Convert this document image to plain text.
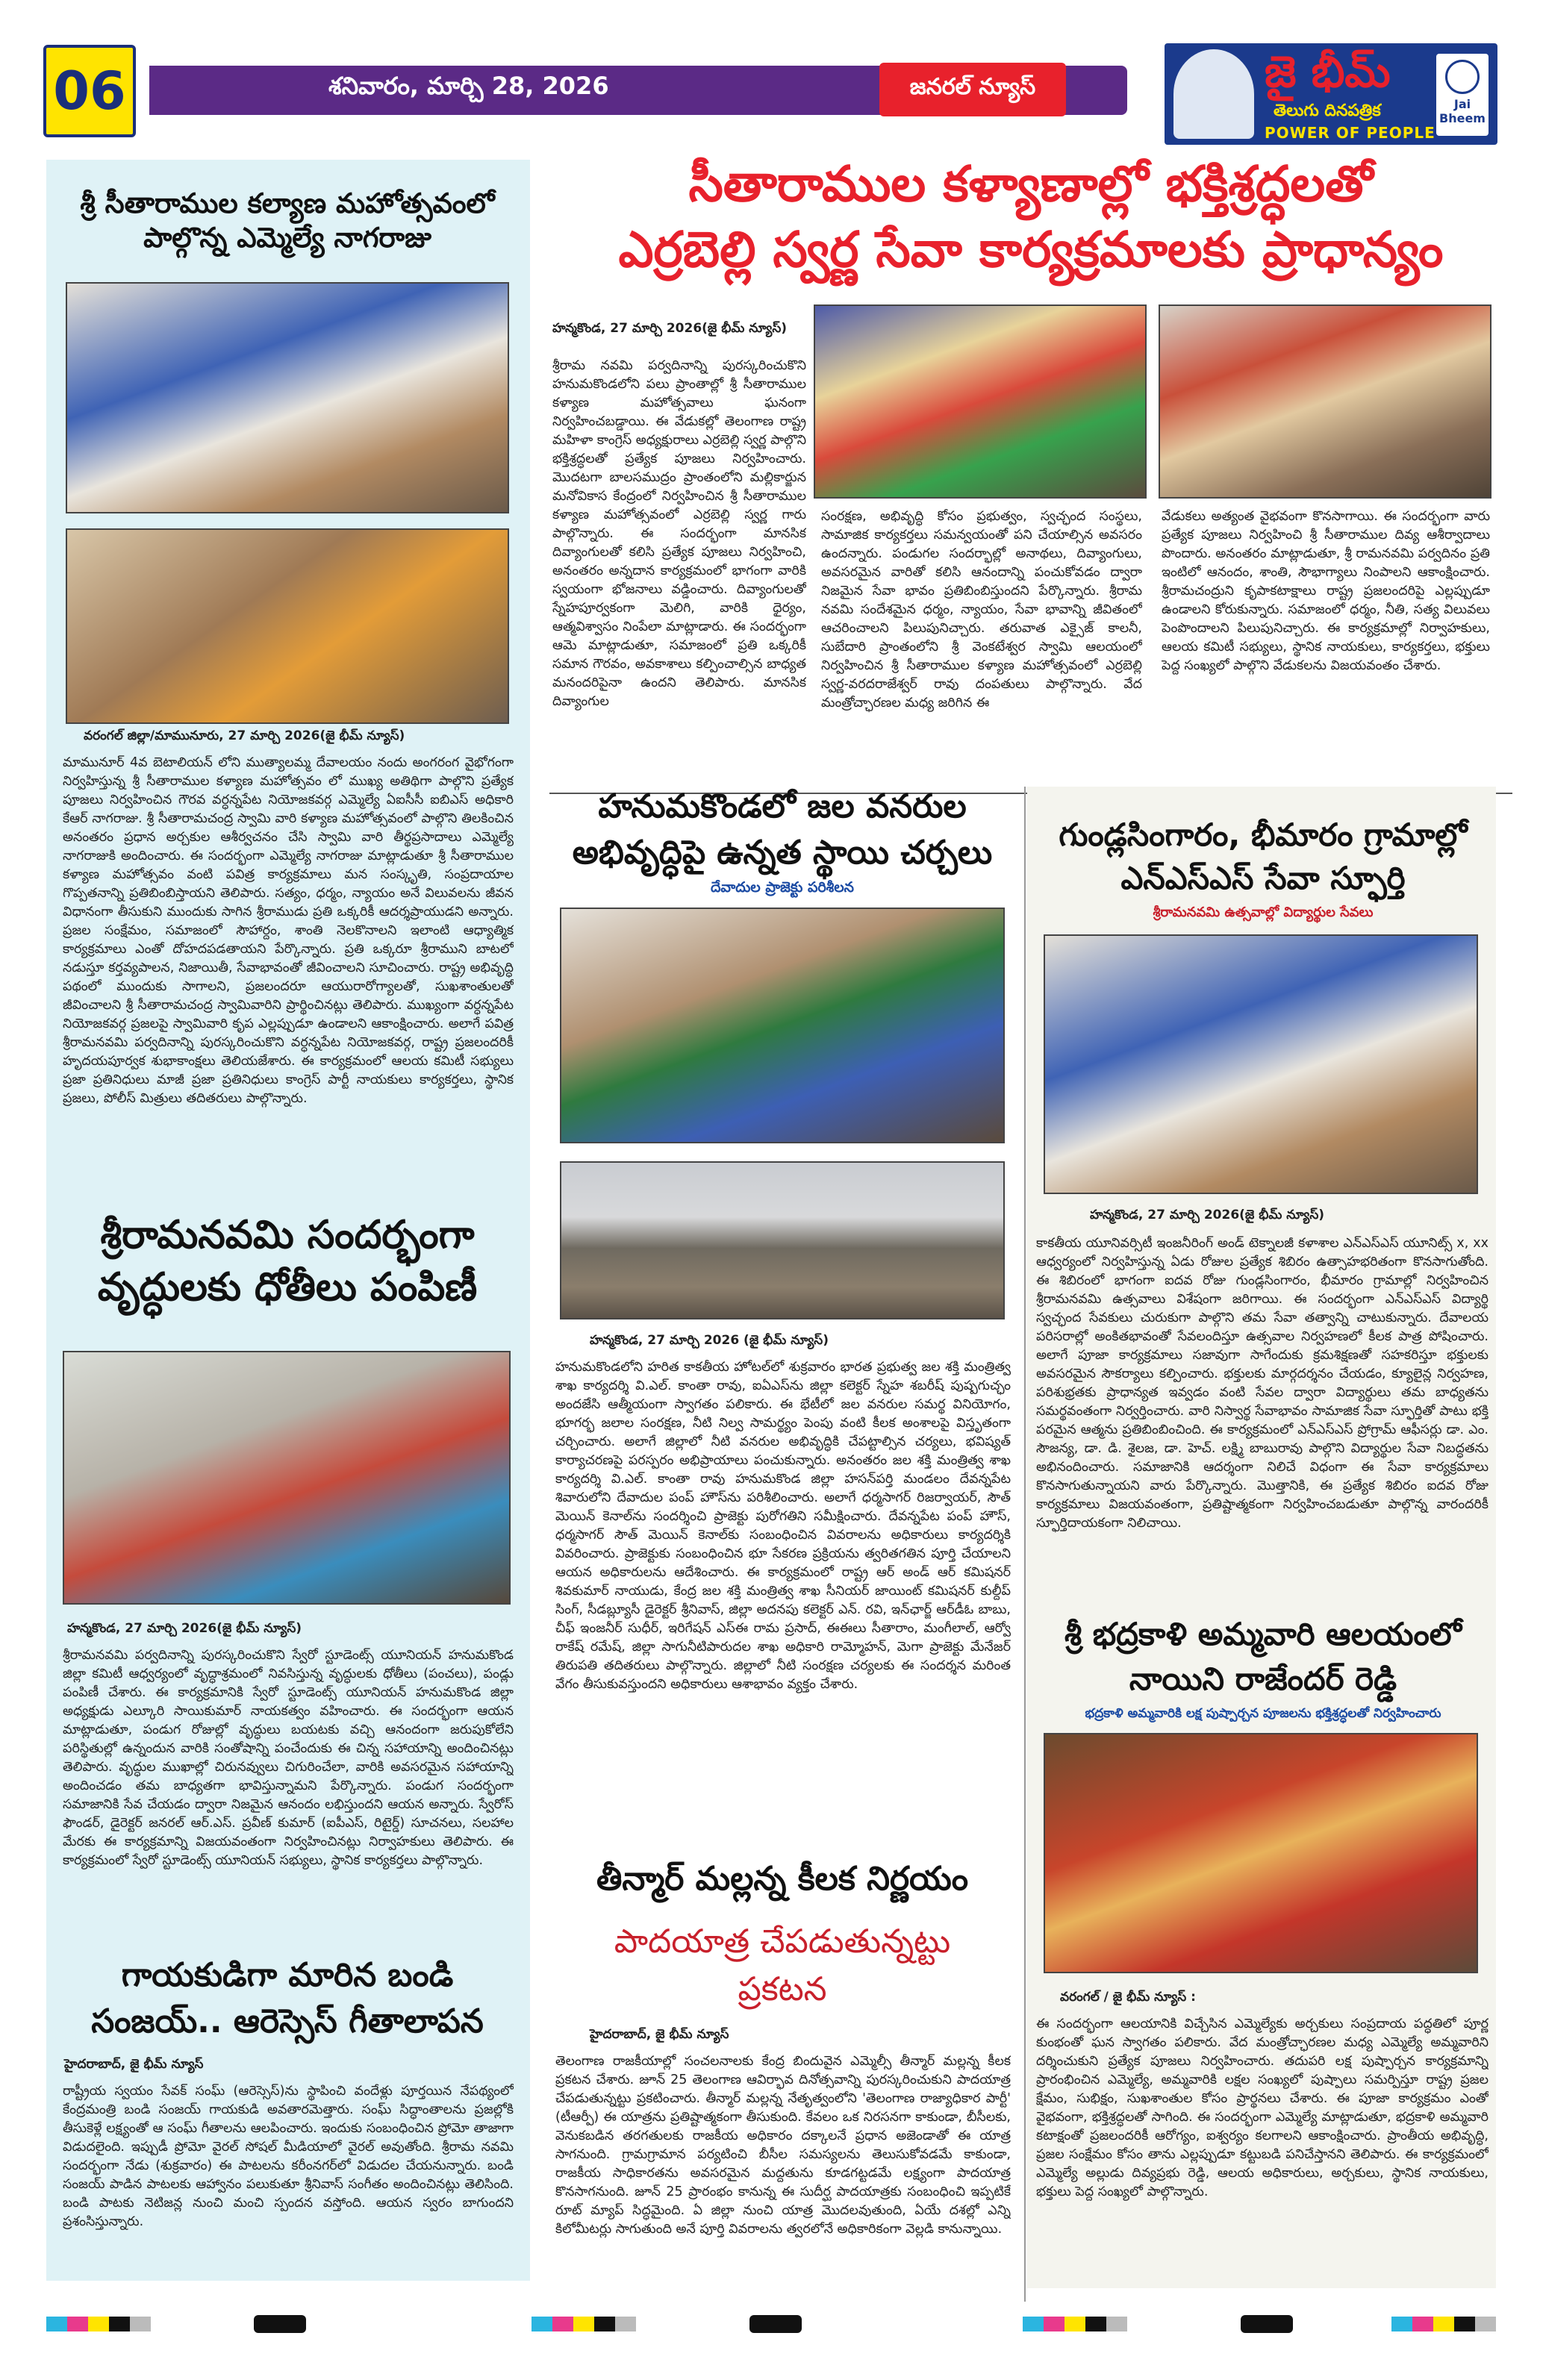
06	శనివారం, మార్చి 28, 2026	జనరల్ న్యూస్	జై భీమ్
తెలుగు దినపత్రిక
POWER OF PEOPLE
Jai Bheem
శ్రీ సీతారాముల కల్యాణ మహోత్సవంలో పాల్గొన్న ఎమ్మెల్యే నాగరాజు
వరంగల్ జిల్లా/మామునూరు, 27 మార్చి 2026(జై భీమ్ న్యూస్)
మామునూర్ 4వ బెటాలియన్ లోని ముత్యాలమ్మ దేవాలయం నందు అంగరంగ వైభోగంగా నిర్వహిస్తున్న శ్రీ సీతారాముల కళ్యాణ మహోత్సవం లో ముఖ్య అతిథిగా పాల్గొని ప్రత్యేక పూజలు నిర్వహించిన గౌరవ వర్ధన్నపేట నియోజకవర్గ ఎమ్మెల్యే ఏఐసీసీ ఐబిఎస్ అధికారి కేఆర్ నాగరాజు. శ్రీ సీతారామచంద్ర స్వామి వారి కళ్యాణ మహోత్సవంలో పాల్గొని తిలకించిన అనంతరం ప్రధాన అర్చకుల ఆశీర్వచనం చేసి స్వామి వారి తీర్థప్రసాదాలు ఎమ్మెల్యే నాగరాజుకి అందించారు. ఈ సందర్భంగా ఎమ్మెల్యే నాగరాజు మాట్లాడుతూ శ్రీ సీతారాముల కళ్యాణ మహోత్సవం వంటి పవిత్ర కార్యక్రమాలు మన సంస్కృతి, సంప్రదాయాల గొప్పతనాన్ని ప్రతిబింబిస్తాయని తెలిపారు. సత్యం, ధర్మం, న్యాయం అనే విలువలను జీవన విధానంగా తీసుకుని ముందుకు సాగిన శ్రీరాముడు ప్రతి ఒక్కరికీ ఆదర్శప్రాయుడని అన్నారు. ప్రజల సంక్షేమం, సమాజంలో సౌహార్దం, శాంతి నెలకొనాలని ఇలాంటి ఆధ్యాత్మిక కార్యక్రమాలు ఎంతో దోహదపడతాయని పేర్కొన్నారు. ప్రతి ఒక్కరూ శ్రీరాముని బాటలో నడుస్తూ కర్తవ్యపాలన, నిజాయితీ, సేవాభావంతో జీవించాలని సూచించారు. రాష్ట్ర అభివృద్ధి పథంలో ముందుకు సాగాలని, ప్రజలందరూ ఆయురారోగ్యాలతో, సుఖశాంతులతో జీవించాలని శ్రీ సీతారామచంద్ర స్వామివారిని ప్రార్థించినట్లు తెలిపారు. ముఖ్యంగా వర్ధన్నపేట నియోజకవర్గ ప్రజలపై స్వామివారి కృప ఎల్లప్పుడూ ఉండాలని ఆకాంక్షించారు. అలాగే పవిత్ర శ్రీరామనవమి పర్వదినాన్ని పురస్కరించుకొని వర్ధన్నపేట నియోజకవర్గ, రాష్ట్ర ప్రజలందరికీ హృదయపూర్వక శుభాకాంక్షలు తెలియజేశారు. ఈ కార్యక్రమంలో ఆలయ కమిటీ సభ్యులు ప్రజా ప్రతినిధులు మాజీ ప్రజా ప్రతినిధులు కాంగ్రెస్ పార్టీ నాయకులు కార్యకర్తలు, స్థానిక ప్రజలు, పోలీస్ మిత్రులు తదితరులు పాల్గొన్నారు.
శ్రీరామనవమి సందర్భంగా వృద్ధులకు ధోతీలు పంపిణీ
హన్మకొండ, 27 మార్చి 2026(జై భీమ్ న్యూస్)
శ్రీరామనవమి పర్వదినాన్ని పురస్కరించుకొని స్వేరో స్టూడెంట్స్ యూనియన్ హనుమకొండ జిల్లా కమిటీ ఆధ్వర్యంలో వృద్ధాశ్రమంలో నివసిస్తున్న వృద్ధులకు ధోతీలు (పంచలు), పండ్లు పంపిణీ చేశారు. ఈ కార్యక్రమానికి స్వేరో స్టూడెంట్స్ యూనియన్ హనుమకొండ జిల్లా అధ్యక్షుడు ఎల్కూరి సాయికుమార్ నాయకత్వం వహించారు. ఈ సందర్భంగా ఆయన మాట్లాడుతూ, పండుగ రోజుల్లో వృద్ధులు బయటకు వచ్చి ఆనందంగా జరుపుకోలేని పరిస్థితుల్లో ఉన్నందున వారికి సంతోషాన్ని పంచేందుకు ఈ చిన్న సహాయాన్ని అందించినట్లు తెలిపారు. వృద్ధుల ముఖాల్లో చిరునవ్వులు చిగురించేలా, వారికి అవసరమైన సహాయాన్ని అందించడం తమ బాధ్యతగా భావిస్తున్నామని పేర్కొన్నారు. పండుగ సందర్భంగా సమాజానికి సేవ చేయడం ద్వారా నిజమైన ఆనందం లభిస్తుందని ఆయన అన్నారు. స్వేరోస్ ఫౌండర్, డైరెక్టర్ జనరల్ ఆర్.ఎస్. ప్రవీణ్ కుమార్ (ఐపీఎస్, రిటైర్డ్) సూచనలు, సలహాల మేరకు ఈ కార్యక్రమాన్ని విజయవంతంగా నిర్వహించినట్లు నిర్వాహకులు తెలిపారు. ఈ కార్యక్రమంలో స్వేరో స్టూడెంట్స్ యూనియన్ సభ్యులు, స్థానిక కార్యకర్తలు పాల్గొన్నారు.
గాయకుడిగా మారిన బండి సంజయ్.. ఆరెస్సెస్ గీతాలాపన
హైదరాబాద్, జై భీమ్ న్యూస్
రాష్ట్రీయ స్వయం సేవక్ సంఘ్ (ఆరెస్సెస్)ను స్థాపించి వందేళ్లు పూర్తయిన నేపథ్యంలో కేంద్రమంత్రి బండి సంజయ్ గాయకుడి అవతారమెత్తారు. సంఘ్ సిద్ధాంతాలను ప్రజల్లోకి తీసుకెళ్లే లక్ష్యంతో ఆ సంఘ్ గీతాలను ఆలపించారు. ఇందుకు సంబంధించిన ప్రోమో తాజాగా విడుదలైంది. ఇప్పుడీ ప్రోమో వైరల్ సోషల్ మీడియాలో వైరల్ అవుతోంది. శ్రీరామ నవమి సందర్భంగా నేడు (శుక్రవారం) ఈ పాటలను కరీంనగర్‌లో విడుదల చేయనున్నారు. బండి సంజయ్ పాడిన పాటలకు ఆహ్వానం పలుకుతూ శ్రీనివాస్ సంగీతం అందించినట్లు తెలిసింది. బండి పాటకు నెటిజన్ల నుంచి మంచి స్పందన వస్తోంది. ఆయన స్వరం బాగుందని ప్రశంసిస్తున్నారు.
సీతారాముల కళ్యాణాల్లో భక్తిశ్రద్ధలతో
ఎర్రబెల్లి స్వర్ణ సేవా కార్యక్రమాలకు ప్రాధాన్యం
హన్మకొండ, 27 మార్చి 2026(జై భీమ్ న్యూస్)
శ్రీరామ నవమి పర్వదినాన్ని పురస్కరించుకొని హనుమకొండలోని పలు ప్రాంతాల్లో శ్రీ సీతారాముల కళ్యాణ మహోత్సవాలు ఘనంగా నిర్వహించబడ్డాయి. ఈ వేడుకల్లో తెలంగాణ రాష్ట్ర మహిళా కాంగ్రెస్ అధ్యక్షురాలు ఎర్రబెల్లి స్వర్ణ పాల్గొని భక్తిశ్రద్ధలతో ప్రత్యేక పూజలు నిర్వహించారు. మొదటగా బాలసముద్రం ప్రాంతంలోని మల్లికార్జున మనోవికాస కేంద్రంలో నిర్వహించిన శ్రీ సీతారాముల కళ్యాణ మహోత్సవంలో ఎర్రబెల్లి స్వర్ణ గారు పాల్గొన్నారు. ఈ సందర్భంగా మానసిక దివ్యాంగులతో కలిసి ప్రత్యేక పూజలు నిర్వహించి, అనంతరం అన్నదాన కార్యక్రమంలో భాగంగా వారికి స్వయంగా భోజనాలు వడ్డించారు. దివ్యాంగులతో స్నేహపూర్వకంగా మెలిగి, వారికి ధైర్యం, ఆత్మవిశ్వాసం నింపేలా మాట్లాడారు. ఈ సందర్భంగా ఆమె మాట్లాడుతూ, సమాజంలో ప్రతి ఒక్కరికీ సమాన గౌరవం, అవకాశాలు కల్పించాల్సిన బాధ్యత మనందరిపైనా ఉందని తెలిపారు. మానసిక దివ్యాంగుల
సంరక్షణ, అభివృద్ధి కోసం ప్రభుత్వం, స్వచ్ఛంద సంస్థలు, సామాజిక కార్యకర్తలు సమన్వయంతో పని చేయాల్సిన అవసరం ఉందన్నారు. పండుగల సందర్భాల్లో అనాథలు, దివ్యాంగులు, అవసరమైన వారితో కలిసి ఆనందాన్ని పంచుకోవడం ద్వారా నిజమైన సేవా భావం ప్రతిబింబిస్తుందని పేర్కొన్నారు. శ్రీరామ నవమి సందేశమైన ధర్మం, న్యాయం, సేవా భావాన్ని జీవితంలో ఆచరించాలని పిలుపునిచ్చారు. తరువాత ఎక్సైజ్ కాలనీ, సుబేదారి ప్రాంతంలోని శ్రీ వెంకటేశ్వర స్వామి ఆలయంలో నిర్వహించిన శ్రీ సీతారాముల కళ్యాణ మహోత్సవంలో ఎర్రబెల్లి స్వర్ణ-వరదరాజేశ్వర్ రావు దంపతులు పాల్గొన్నారు. వేద మంత్రోచ్ఛారణల మధ్య జరిగిన ఈ
వేడుకలు అత్యంత వైభవంగా కొనసాగాయి. ఈ సందర్భంగా వారు ప్రత్యేక పూజలు నిర్వహించి శ్రీ సీతారాముల దివ్య ఆశీర్వాదాలు పొందారు. అనంతరం మాట్లాడుతూ, శ్రీ రామనవమి పర్వదినం ప్రతి ఇంటిలో ఆనందం, శాంతి, సౌభాగ్యాలు నింపాలని ఆకాంక్షించారు. శ్రీరామచంద్రుని కృపాకటాక్షాలు రాష్ట్ర ప్రజలందరిపై ఎల్లప్పుడూ ఉండాలని కోరుకున్నారు. సమాజంలో ధర్మం, నీతి, సత్య విలువలు పెంపొందాలని పిలుపునిచ్చారు. ఈ కార్యక్రమాల్లో నిర్వాహకులు, ఆలయ కమిటీ సభ్యులు, స్థానిక నాయకులు, కార్యకర్తలు, భక్తులు పెద్ద సంఖ్యలో పాల్గొని వేడుకలను విజయవంతం చేశారు.
హనుమకొండలో జల వనరుల అభివృద్ధిపై ఉన్నత స్థాయి చర్చలు
దేవాదుల ప్రాజెక్టు పరిశీలన
హన్మకొండ, 27 మార్చి 2026 (జై భీమ్ న్యూస్)
హనుమకొండలోని హరిత కాకతీయ హోటల్‌లో శుక్రవారం భారత ప్రభుత్వ జల శక్తి మంత్రిత్వ శాఖ కార్యదర్శి వి.ఎల్. కాంతా రావు, ఐఏఎస్‌ను జిల్లా కలెక్టర్ స్నేహ శబరీష్ పుష్పగుచ్ఛం అందజేసి ఆత్మీయంగా స్వాగతం పలికారు. ఈ భేటీలో జల వనరుల సమర్థ వినియోగం, భూగర్భ జలాల సంరక్షణ, నీటి నిల్వ సామర్థ్యం పెంపు వంటి కీలక అంశాలపై విస్తృతంగా చర్చించారు. అలాగే జిల్లాలో నీటి వనరుల అభివృద్ధికి చేపట్టాల్సిన చర్యలు, భవిష్యత్ కార్యాచరణపై పరస్పరం అభిప్రాయాలు పంచుకున్నారు. అనంతరం జల శక్తి మంత్రిత్వ శాఖ కార్యదర్శి వి.ఎల్. కాంతా రావు హనుమకొండ జిల్లా హసన్‌పర్తి మండలం దేవన్నపేట శివారులోని దేవాదుల పంప్ హౌస్‌ను పరిశీలించారు. అలాగే ధర్మసాగర్ రిజర్వాయర్, సౌత్ మెయిన్ కెనాల్‌ను సందర్శించి ప్రాజెక్టు పురోగతిని సమీక్షించారు. దేవన్నపేట పంప్ హౌస్, ధర్మసాగర్ సౌత్ మెయిన్ కెనాల్‌కు సంబంధించిన వివరాలను అధికారులు కార్యదర్శికి వివరించారు. ప్రాజెక్టుకు సంబంధించిన భూ సేకరణ ప్రక్రియను త్వరితగతిన పూర్తి చేయాలని ఆయన అధికారులను ఆదేశించారు. ఈ కార్యక్రమంలో రాష్ట్ర ఆర్ అండ్ ఆర్ కమిషనర్ శివకుమార్ నాయుడు, కేంద్ర జల శక్తి మంత్రిత్వ శాఖ సీనియర్ జాయింట్ కమిషనర్ కుల్దీప్ సింగ్, సీడబ్ల్యూసీ డైరెక్టర్ శ్రీనివాస్, జిల్లా అదనపు కలెక్టర్ ఎన్. రవి, ఇన్‌ఛార్జ్ ఆర్‌డీఓ బాబు, చీఫ్ ఇంజనీర్ సుధీర్, ఇరిగేషన్ ఎస్‌ఈ రామ ప్రసాద్, ఈఈలు సీతారాం, మంగీలాల్, ఆర్వో రాకేష్ రమేష్, జిల్లా సాగునీటిపారుదల శాఖ అధికారి రామ్మోహన్, మెగా ప్రాజెక్టు మేనేజర్ తిరుపతి తదితరులు పాల్గొన్నారు. జిల్లాలో నీటి సంరక్షణ చర్యలకు ఈ సందర్శన మరింత వేగం తీసుకువస్తుందని అధికారులు ఆశాభావం వ్యక్తం చేశారు.
తీన్మార్ మల్లన్న కీలక నిర్ణయం
పాదయాత్ర చేపడుతున్నట్టు ప్రకటన
హైదరాబాద్, జై భీమ్ న్యూస్
తెలంగాణ రాజకీయాల్లో సంచలనాలకు కేంద్ర బిందువైన ఎమ్మెల్సీ తీన్మార్ మల్లన్న కీలక ప్రకటన చేశారు. జూన్ 25 తెలంగాణ ఆవిర్భావ దినోత్సవాన్ని పురస్కరించుకుని పాదయాత్ర చేపడుతున్నట్టు ప్రకటించారు. తీన్మార్ మల్లన్న నేతృత్వంలోని 'తెలంగాణ రాజ్యాధికార పార్టీ' (టీఆర్పీ) ఈ యాత్రను ప్రతిష్టాత్మకంగా తీసుకుంది. కేవలం ఒక నిరసనగా కాకుండా, బీసీలకు, వెనుకబడిన తరగతులకు రాజకీయ అధికారం దక్కాలనే ప్రధాన అజెండాతో ఈ యాత్ర సాగనుంది. గ్రామగ్రామాన పర్యటించి బీసీల సమస్యలను తెలుసుకోవడమే కాకుండా, రాజకీయ సాధికారతను అవసరమైన మద్దతును కూడగట్టడమే లక్ష్యంగా పాదయాత్ర కొనసాగనుంది. జూన్ 25 ప్రారంభం కానున్న ఈ సుదీర్ఘ పాదయాత్రకు సంబంధించి ఇప్పటికే రూట్ మ్యాప్ సిద్ధమైంది. ఏ జిల్లా నుంచి యాత్ర మొదలవుతుంది, ఏయే దశల్లో ఎన్ని కిలోమీటర్లు సాగుతుంది అనే పూర్తి వివరాలను త్వరలోనే అధికారికంగా వెల్లడి కానున్నాయి.
గుండ్లసింగారం, భీమారం గ్రామాల్లో ఎన్ఎస్ఎస్ సేవా స్ఫూర్తి
శ్రీరామనవమి ఉత్సవాల్లో విద్యార్థుల సేవలు
హన్మకొండ, 27 మార్చి 2026(జై భీమ్ న్యూస్)
కాకతీయ యూనివర్సిటీ ఇంజనీరింగ్ అండ్ టెక్నాలజీ కళాశాల ఎన్ఎస్ఎస్ యూనిట్స్ x, xx ఆధ్వర్యంలో నిర్వహిస్తున్న ఏడు రోజుల ప్రత్యేక శిబిరం ఉత్సాహభరితంగా కొనసాగుతోంది. ఈ శిబిరంలో భాగంగా ఐదవ రోజు గుండ్లసింగారం, భీమారం గ్రామాల్లో నిర్వహించిన శ్రీరామనవమి ఉత్సవాలు విశేషంగా జరిగాయి. ఈ సందర్భంగా ఎన్ఎస్ఎస్ విద్యార్థి స్వచ్ఛంద సేవకులు చురుకుగా పాల్గొని తమ సేవా తత్వాన్ని చాటుకున్నారు. దేవాలయ పరిసరాల్లో అంకితభావంతో సేవలందిస్తూ ఉత్సవాల నిర్వహణలో కీలక పాత్ర పోషించారు. అలాగే పూజా కార్యక్రమాలు సజావుగా సాగేందుకు క్రమశిక్షణతో సహకరిస్తూ భక్తులకు అవసరమైన సౌకర్యాలు కల్పించారు. భక్తులకు మార్గదర్శనం చేయడం, క్యూలైన్ల నిర్వహణ, పరిశుభ్రతకు ప్రాధాన్యత ఇవ్వడం వంటి సేవల ద్వారా విద్యార్థులు తమ బాధ్యతను సమర్థవంతంగా నిర్వర్తించారు. వారి నిస్వార్థ సేవాభావం సామాజిక సేవా స్ఫూర్తితో పాటు భక్తి పరమైన ఆత్మను ప్రతిబింబించింది. ఈ కార్యక్రమంలో ఎన్ఎస్ఎస్ ప్రోగ్రామ్ ఆఫీసర్లు డా. ఎం. సౌజన్య, డా. డి. శైలజ, డా. హెచ్. లక్ష్మి బాబురావు పాల్గొని విద్యార్థుల సేవా నిబద్ధతను అభినందించారు. సమాజానికి ఆదర్శంగా నిలిచే విధంగా ఈ సేవా కార్యక్రమాలు కొనసాగుతున్నాయని వారు పేర్కొన్నారు. మొత్తానికి, ఈ ప్రత్యేక శిబిరం ఐదవ రోజు కార్యక్రమాలు విజయవంతంగా, ప్రతిష్టాత్మకంగా నిర్వహించబడుతూ పాల్గొన్న వారందరికీ స్ఫూర్తిదాయకంగా నిలిచాయి.
శ్రీ భద్రకాళి అమ్మవారి ఆలయంలో నాయిని రాజేందర్ రెడ్డి
భద్రకాళి అమ్మవారికి లక్ష పుష్పార్చన పూజలను భక్తిశ్రద్ధలతో నిర్వహించారు
వరంగల్ / జై భీమ్ న్యూస్ :
ఈ సందర్భంగా ఆలయానికి విచ్చేసిన ఎమ్మెల్యేకు అర్చకులు సంప్రదాయ పద్ధతిలో పూర్ణ కుంభంతో ఘన స్వాగతం పలికారు. వేద మంత్రోచ్ఛారణల మధ్య ఎమ్మెల్యే అమ్మవారిని దర్శించుకుని ప్రత్యేక పూజలు నిర్వహించారు. తదుపరి లక్ష పుష్పార్చన కార్యక్రమాన్ని ప్రారంభించిన ఎమ్మెల్యే, అమ్మవారికి లక్షల సంఖ్యలో పుష్పాలు సమర్పిస్తూ రాష్ట్ర ప్రజల క్షేమం, సుభిక్షం, సుఖశాంతుల కోసం ప్రార్థనలు చేశారు. ఈ పూజా కార్యక్రమం ఎంతో వైభవంగా, భక్తిశ్రద్ధలతో సాగింది. ఈ సందర్భంగా ఎమ్మెల్యే మాట్లాడుతూ, భద్రకాళి అమ్మవారి కటాక్షంతో ప్రజలందరికీ ఆరోగ్యం, ఐశ్వర్యం కలగాలని ఆకాంక్షించారు. ప్రాంతీయ అభివృద్ధి, ప్రజల సంక్షేమం కోసం తాను ఎల్లప్పుడూ కట్టుబడి పనిచేస్తానని తెలిపారు. ఈ కార్యక్రమంలో ఎమ్మెల్యే అల్లుడు దివ్యప్రభు రెడ్డి, ఆలయ అధికారులు, అర్చకులు, స్థానిక నాయకులు, భక్తులు పెద్ద సంఖ్యలో పాల్గొన్నారు.
